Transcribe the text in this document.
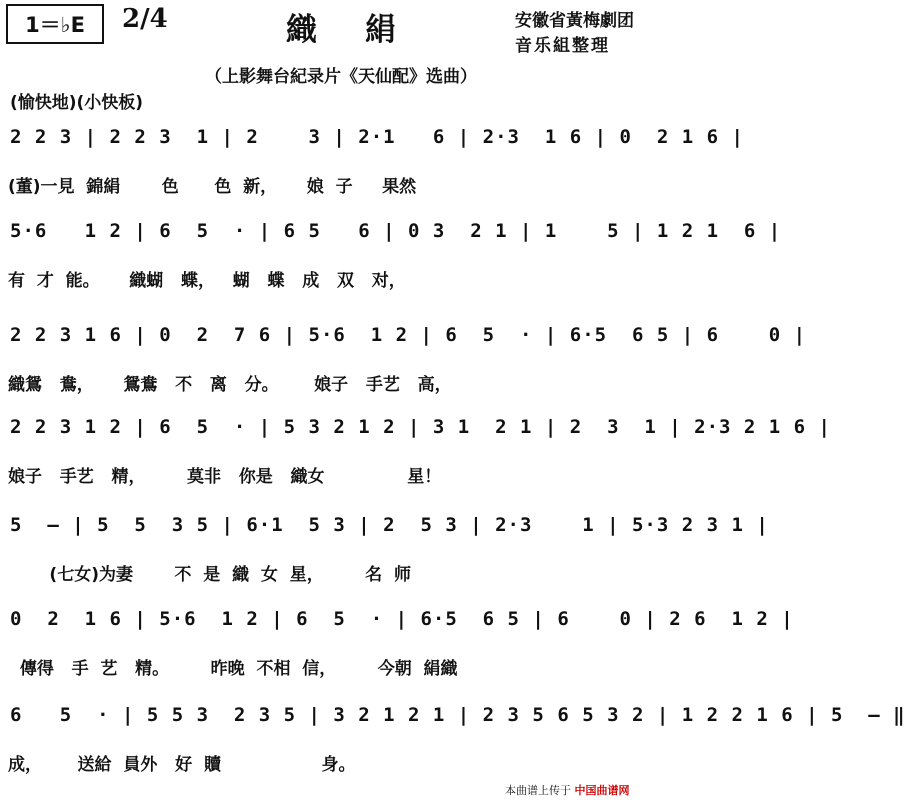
1＝♭E	2/4	織絹	安徽省黃梅劇团
音乐組整理
（上影舞台紀录片《天仙配》选曲）
(愉快地)(小快板)
2 2 3 | 2 2 3  1 | 2    3 | 2·1   6 | 2·3  1 6 | 0  2 1 6 |
(董)一見  錦絹       色      色  新，     娘  子     果然
5·6   1 2 | 6  5  · | 6 5   6 | 0 3  2 1 | 1    5 | 1 2 1  6 |
有  才  能。     織蝴   蝶，   蝴   蝶   成   双   对，
2 2 3 1 6 | 0  2  7 6 | 5·6  1 2 | 6  5  · | 6·5  6 5 | 6    0 |
織鴛   鴦，     鴛鴦   不   离   分。      娘子   手艺   高，
2 2 3 1 2 | 6  5  · | 5 3 2 1 2 | 3 1  2 1 | 2  3  1 | 2·3 2 1 6 |
娘子   手艺   精，       莫非   你是   織女              星！
5  — | 5  5  3 5 | 6·1  5 3 | 2  5 3 | 2·3    1 | 5·3 2 3 1 |
(七女)为妻       不  是  織  女  星，       名  师
0  2  1 6 | 5·6  1 2 | 6  5  · | 6·5  6 5 | 6    0 | 2 6  1 2 |
傳得   手  艺   精。       昨晚  不相  信，       今朝  絹織
6   5  · | 5 5 3  2 3 5 | 3 2 1 2 1 | 2 3 5 6 5 3 2 | 1 2 2 1 6 | 5  — ‖
成，      送給  員外   好  贖                 身。
本曲谱上传于 中国曲谱网
